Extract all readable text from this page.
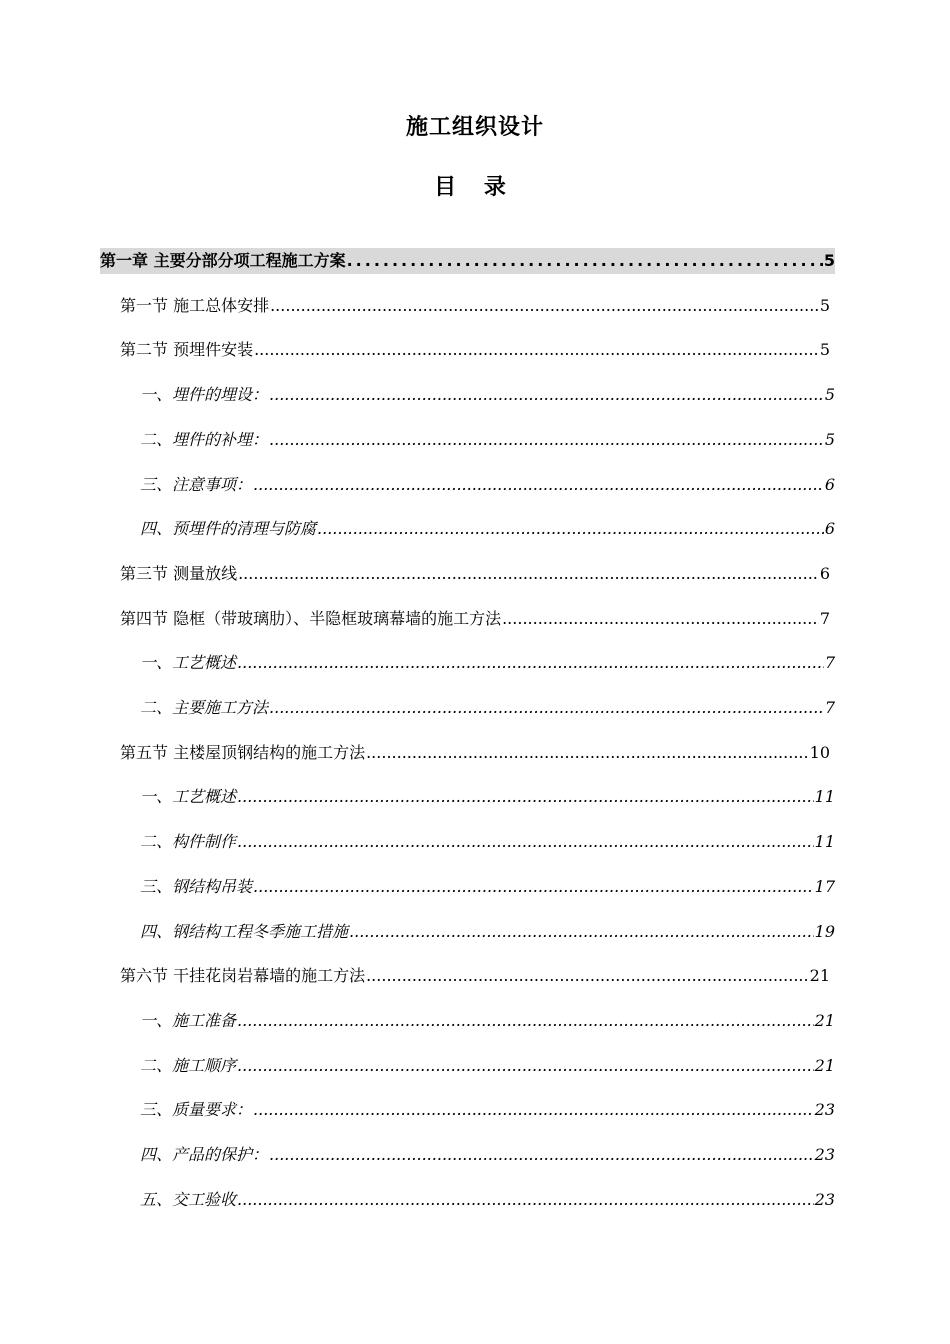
施工组织设计
目 录
第一章 主要分部分项工程施工方案 .....	5
第一节 施工总体安排 .....	5
第二节 预埋件安装 .....	5
一、埋件的埋设： .....	5
二、埋件的补埋： .....	5
三、注意事项： .....	6
四、预埋件的清理与防腐 .....	6
第三节 测量放线 .....	6
第四节 隐框（带玻璃肋）、半隐框玻璃幕墙的施工方法 .....	7
一、工艺概述 .....	7
二、主要施工方法 .....	7
第五节 主楼屋顶钢结构的施工方法 .....	10
一、工艺概述 .....	11
二、构件制作 .....	11
三、钢结构吊装 .....	17
四、钢结构工程冬季施工措施 .....	19
第六节 干挂花岗岩幕墙的施工方法 .....	21
一、施工准备 .....	21
二、施工顺序 .....	21
三、质量要求： .....	23
四、产品的保护： .....	23
五、交工验收 .....	23
